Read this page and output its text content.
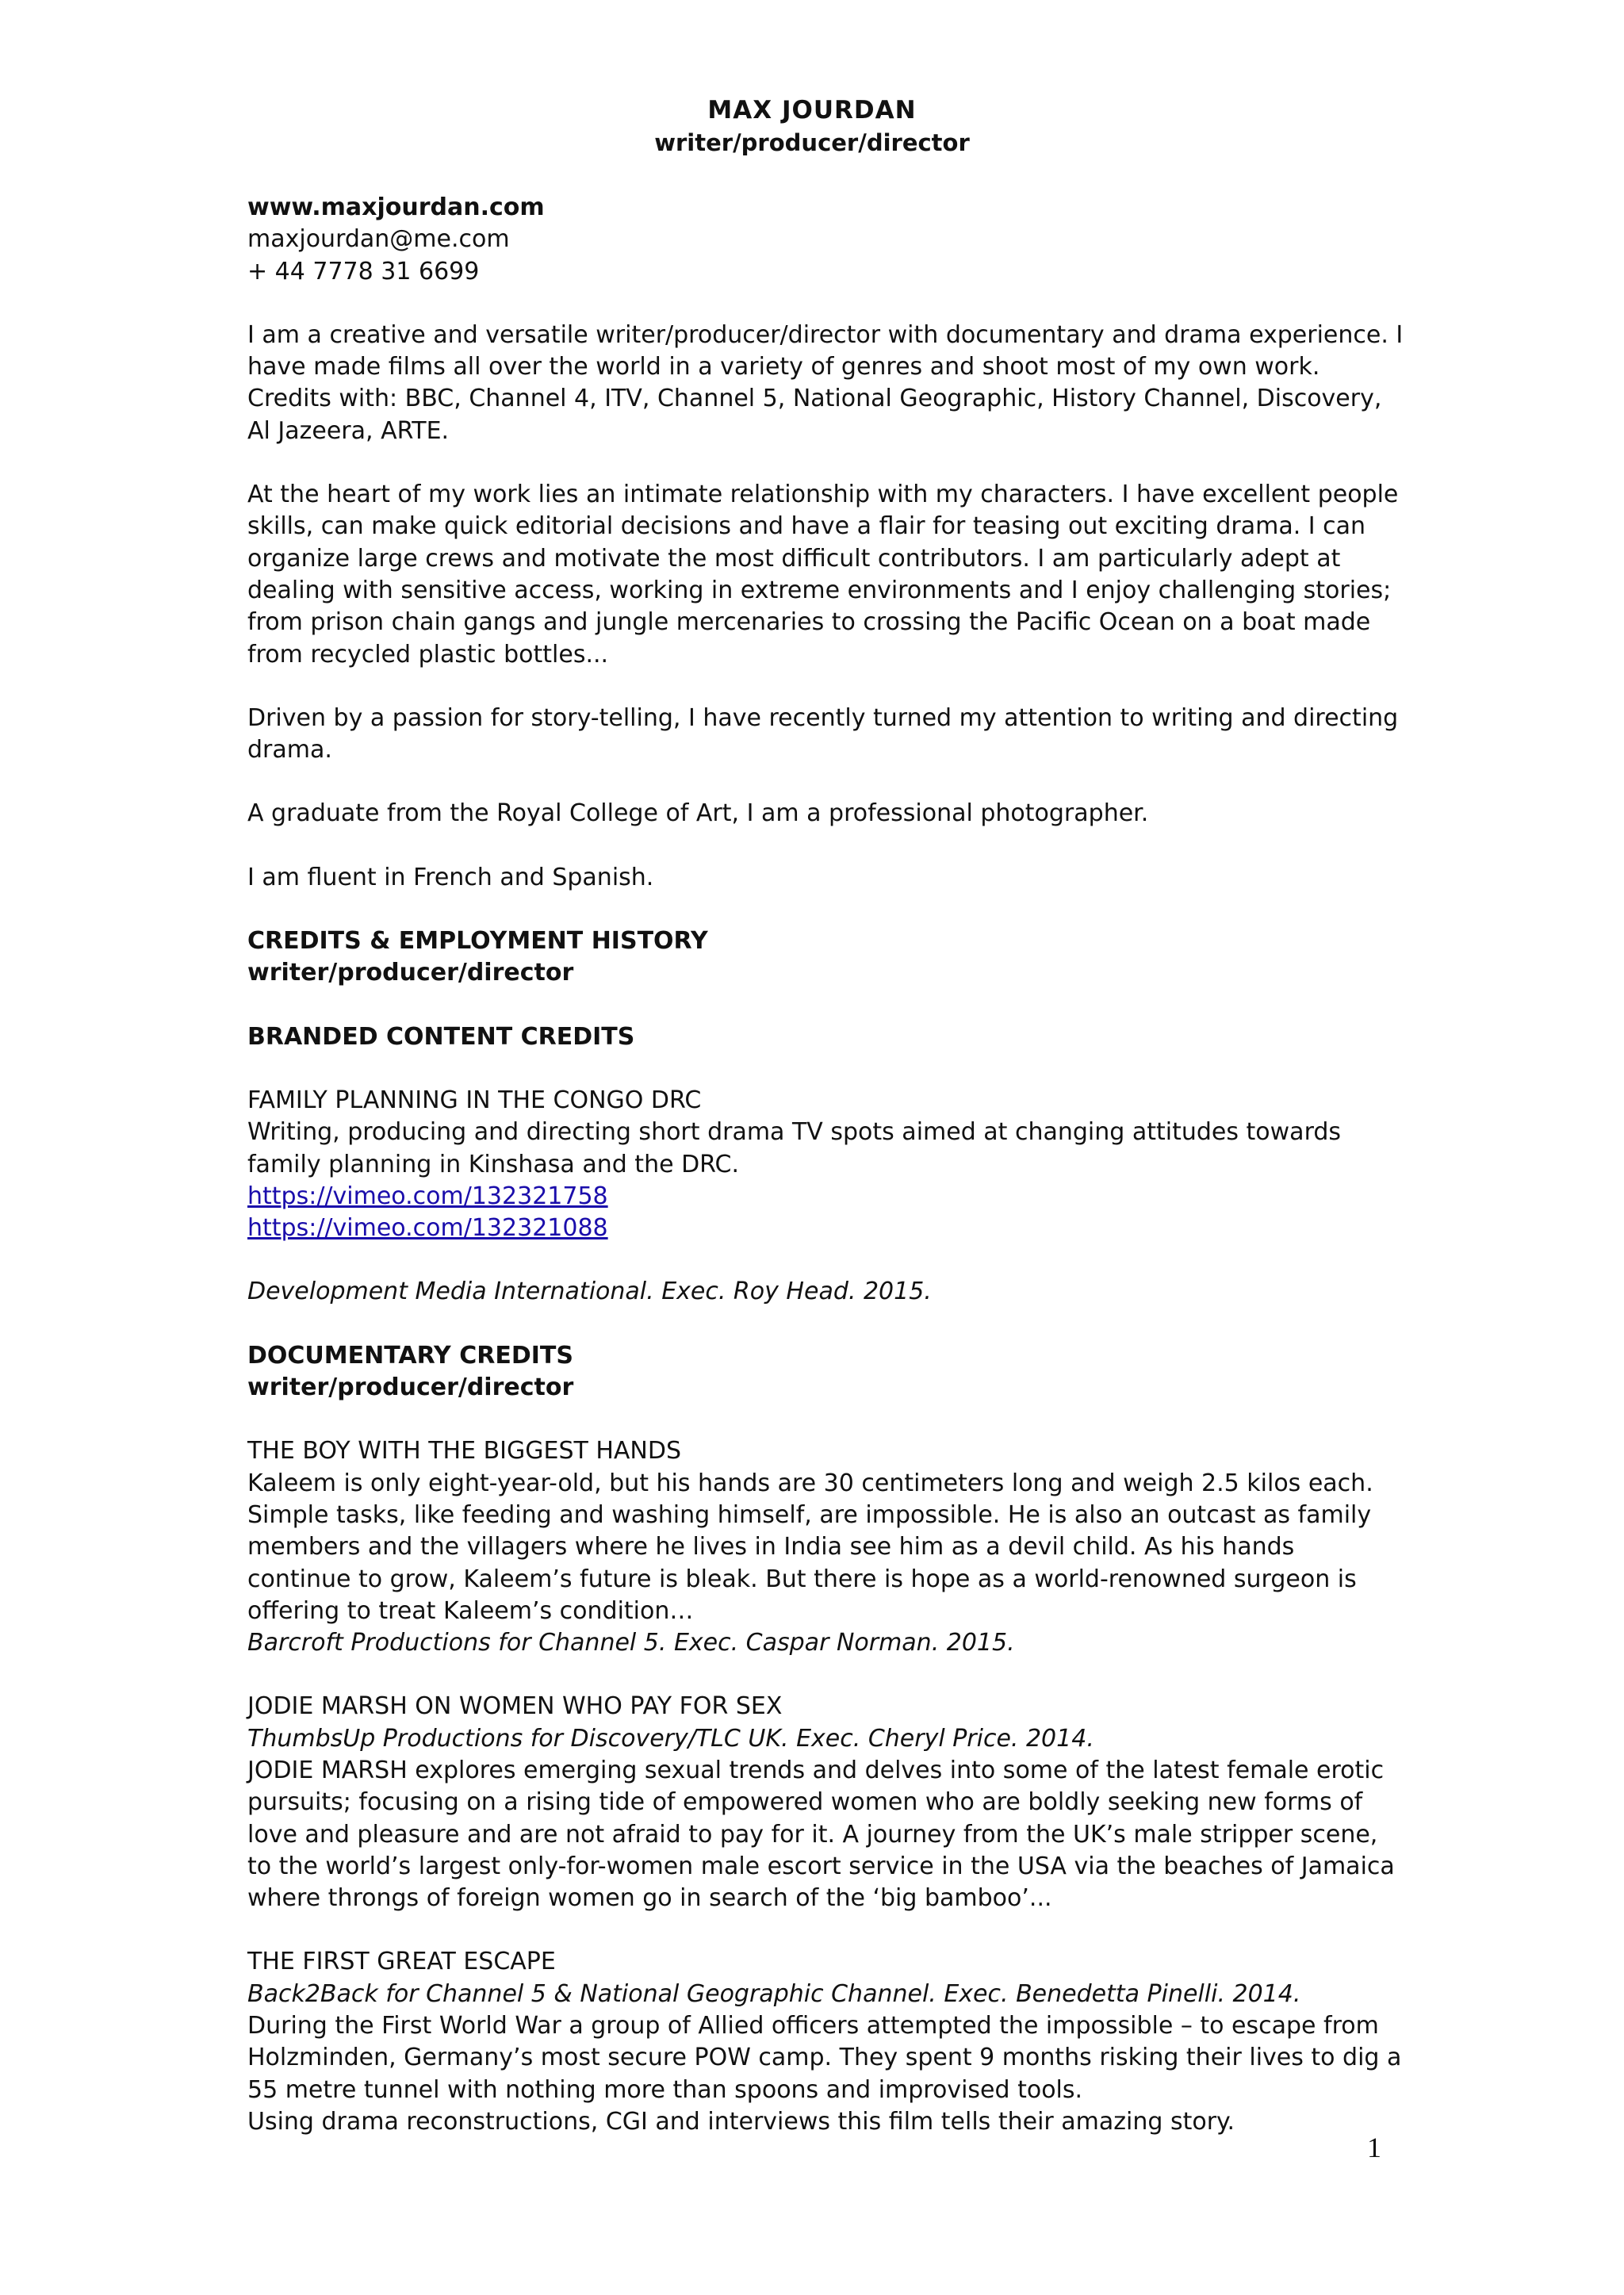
MAX JOURDAN
writer/producer/director

www.maxjourdan.com

maxjourdan@me.com

+ 44 7778 31 6699

I am a creative and versatile writer/producer/director with documentary and drama experience. I have made films all over the world in a variety of genres and shoot most of my own work. Credits with: BBC, Channel 4, ITV, Channel 5, National Geographic, History Channel, Discovery, Al Jazeera, ARTE.

At the heart of my work lies an intimate relationship with my characters. I have excellent people skills, can make quick editorial decisions and have a flair for teasing out exciting drama. I can organize large crews and motivate the most difficult contributors. I am particularly adept at dealing with sensitive access, working in extreme environments and I enjoy challenging stories; from prison chain gangs and jungle mercenaries to crossing the Pacific Ocean on a boat made from recycled plastic bottles...

Driven by a passion for story-telling, I have recently turned my attention to writing and directing drama.

A graduate from the Royal College of Art, I am a professional photographer.

I am fluent in French and Spanish.

CREDITS & EMPLOYMENT HISTORY

writer/producer/director

BRANDED CONTENT CREDITS

FAMILY PLANNING IN THE CONGO DRC

Writing, producing and directing short drama TV spots aimed at changing attitudes towards family planning in Kinshasa and the DRC.

https://vimeo.com/132321758

https://vimeo.com/132321088

Development Media International. Exec. Roy Head. 2015.

DOCUMENTARY CREDITS

writer/producer/director

THE BOY WITH THE BIGGEST HANDS

Kaleem is only eight-year-old, but his hands are 30 centimeters long and weigh 2.5 kilos each. Simple tasks, like feeding and washing himself, are impossible. He is also an outcast as family members and the villagers where he lives in India see him as a devil child. As his hands continue to grow, Kaleem’s future is bleak. But there is hope as a world-renowned surgeon is offering to treat Kaleem’s condition…

Barcroft Productions for Channel 5. Exec. Caspar Norman. 2015.

JODIE MARSH ON WOMEN WHO PAY FOR SEX

ThumbsUp Productions for Discovery/TLC UK. Exec. Cheryl Price. 2014.

JODIE MARSH explores emerging sexual trends and delves into some of the latest female erotic pursuits; focusing on a rising tide of empowered women who are boldly seeking new forms of love and pleasure and are not afraid to pay for it. A journey from the UK’s male stripper scene, to the world’s largest only-for-women male escort service in the USA via the beaches of Jamaica where throngs of foreign women go in search of the ‘big bamboo’...

THE FIRST GREAT ESCAPE

Back2Back for Channel 5 & National Geographic Channel. Exec. Benedetta Pinelli. 2014.

During the First World War a group of Allied officers attempted the impossible – to escape from Holzminden, Germany’s most secure POW camp. They spent 9 months risking their lives to dig a 55 metre tunnel with nothing more than spoons and improvised tools.

Using drama reconstructions, CGI and interviews this film tells their amazing story.

1
